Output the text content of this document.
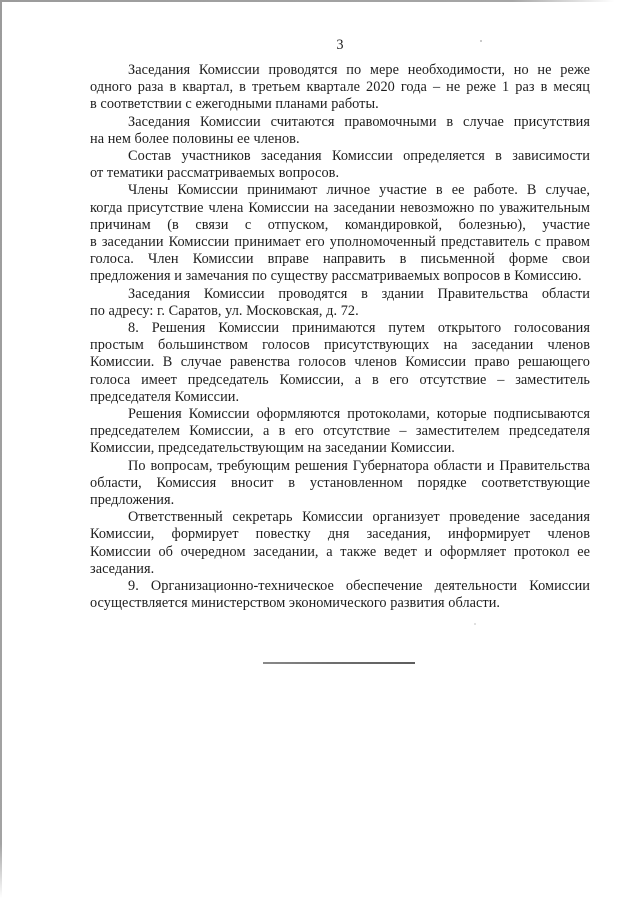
3
Заседания Комиссии проводятся по мере необходимости, но не реже
одного раза в квартал, в третьем квартале 2020 года – не реже 1 раз в месяц
в соответствии с ежегодными планами работы.
Заседания Комиссии считаются правомочными в случае присутствия
на нем более половины ее членов.
Состав участников заседания Комиссии определяется в зависимости
от тематики рассматриваемых вопросов.
Члены Комиссии принимают личное участие в ее работе. В случае,
когда присутствие члена Комиссии на заседании невозможно по уважительным
причинам (в связи с отпуском, командировкой, болезнью), участие
в заседании Комиссии принимает его уполномоченный представитель с правом
голоса. Член Комиссии вправе направить в письменной форме свои
предложения и замечания по существу рассматриваемых вопросов в Комиссию.
Заседания Комиссии проводятся в здании Правительства области
по адресу: г. Саратов, ул. Московская, д. 72.
8. Решения Комиссии принимаются путем открытого голосования
простым большинством голосов присутствующих на заседании членов
Комиссии. В случае равенства голосов членов Комиссии право решающего
голоса имеет председатель Комиссии, а в его отсутствие – заместитель
председателя Комиссии.
Решения Комиссии оформляются протоколами, которые подписываются
председателем Комиссии, а в его отсутствие – заместителем председателя
Комиссии, председательствующим на заседании Комиссии.
По вопросам, требующим решения Губернатора области и Правительства
области, Комиссия вносит в установленном порядке соответствующие
предложения.
Ответственный секретарь Комиссии организует проведение заседания
Комиссии, формирует повестку дня заседания, информирует членов
Комиссии об очередном заседании, а также ведет и оформляет протокол ее
заседания.
9. Организационно-техническое обеспечение деятельности Комиссии
осуществляется министерством экономического развития области.
